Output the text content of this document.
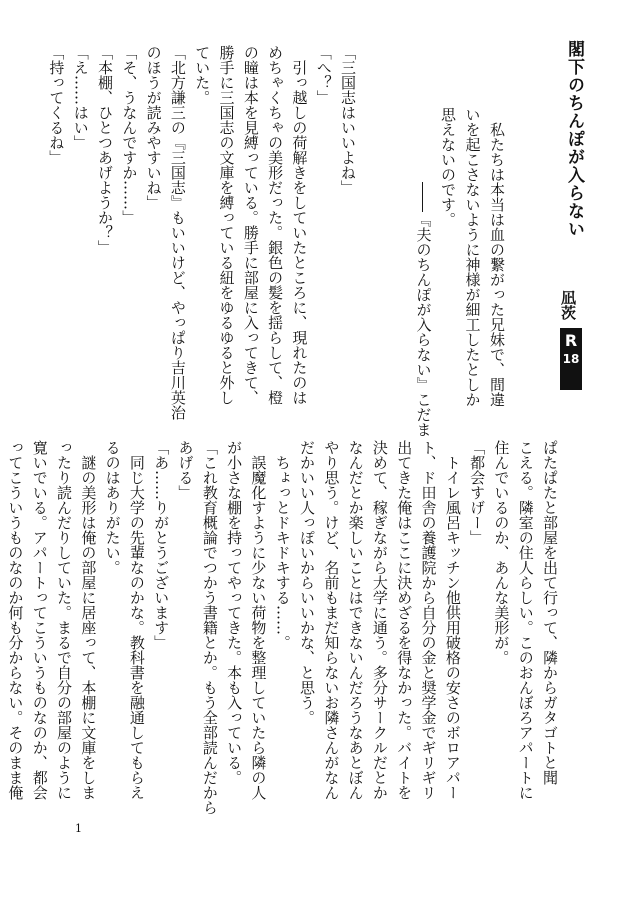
閣下のちんぽが入らない
凪茨
R
18
私たちは本当は血の繋がった兄妹で、間違
いを起こさないように神様が細工したとしか
思えないのです。
――『夫のちんぽが入らない』こだま
「三国志はいいよね」
「へ？」
引っ越しの荷解きをしていたところに、現れたのは
めちゃくちゃの美形だった。銀色の髪を揺らして、橙
の瞳は本を見縛っている。勝手に部屋に入ってきて、
勝手に三国志の文庫を縛っている紐をゆるゆると外し
ていた。
「北方謙三の『三国志』もいいけど、やっぱり吉川英治
のほうが読みやすいね」
「そ、うなんですか……」
「本棚、ひとつあげようか？」
「え……はい」
「持ってくるね」
ぱたぱたと部屋を出て行って、隣からガタゴトと聞
こえる。隣室の住人らしい。このおんぼろアパートに
住んでいるのか、あんな美形が。
「都会すげー」
トイレ風呂キッチン他供用破格の安さのボロアパー
ト、ド田舎の養護院から自分の金と奨学金でギリギリ
出てきた俺はここに決めざるを得なかった。バイトを
決めて、稼ぎながら大学に通う。多分サークルだとか
なんだとか楽しいことはできないんだろうなあとぼん
やり思う。けど、名前もまだ知らないお隣さんがなん
だかいい人っぽいからいいかな、と思う。
ちょっとドキドキする……。
誤魔化すように少ない荷物を整理していたら隣の人
が小さな棚を持ってやってきた。本も入っている。
「これ教育概論でつかう書籍とか。もう全部読んだから
あげる」
「あ……りがとうございます」
同じ大学の先輩なのかな。教科書を融通してもらえ
るのはありがたい。
謎の美形は俺の部屋に居座って、本棚に文庫をしま
ったり読んだりしていた。まるで自分の部屋のように
寛いでいる。アパートってこういうものなのか、都会
ってこういうものなのか何も分からない。そのまま俺
1
